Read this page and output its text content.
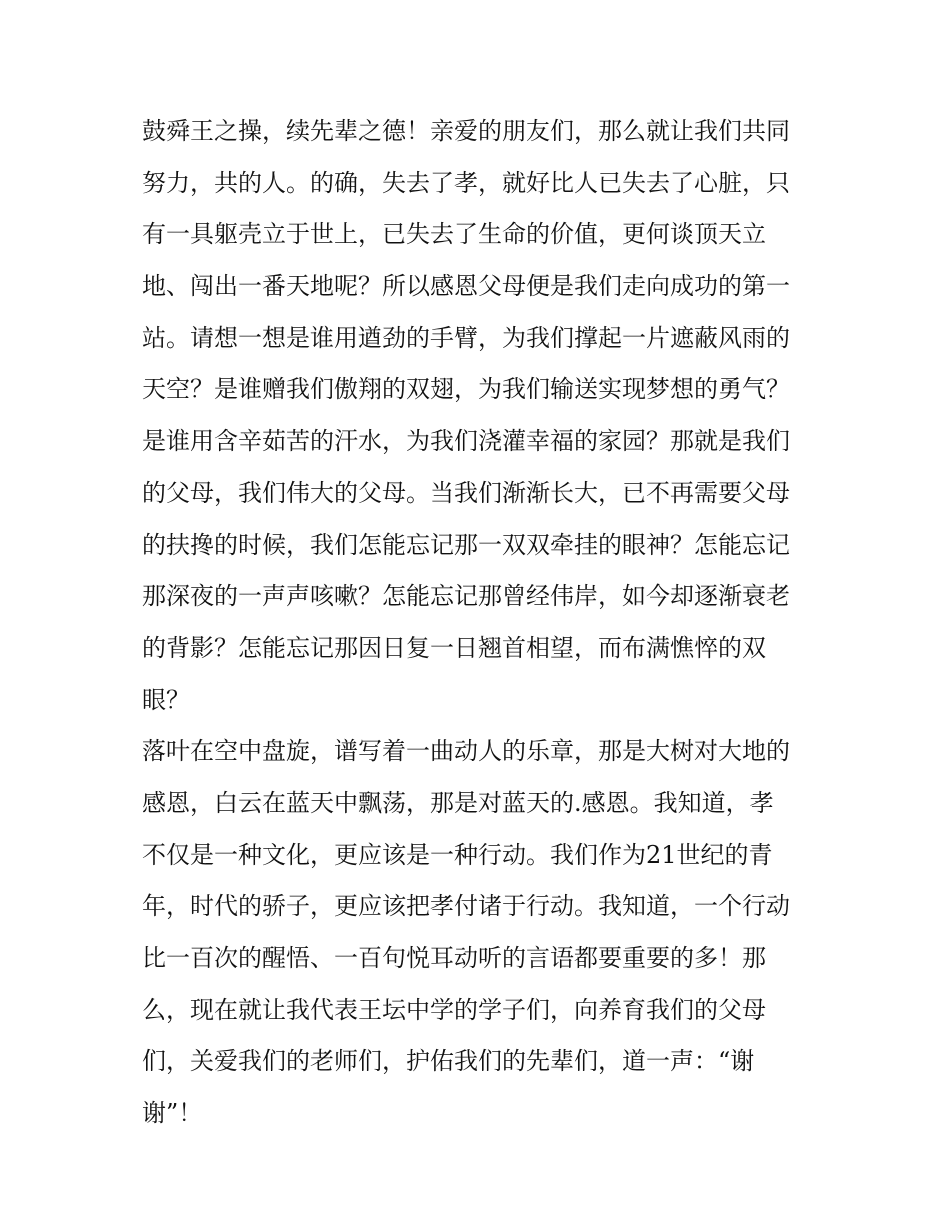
鼓舜王之操，续先辈之德！亲爱的朋友们，那么就让我们共同
努力，共的人。的确，失去了孝，就好比人已失去了心脏，只
有一具躯壳立于世上，已失去了生命的价值，更何谈顶天立
地、闯出一番天地呢？所以感恩父母便是我们走向成功的第一
站。请想一想是谁用遒劲的手臂，为我们撑起一片遮蔽风雨的
天空？是谁赠我们傲翔的双翅，为我们输送实现梦想的勇气？
是谁用含辛茹苦的汗水，为我们浇灌幸福的家园？那就是我们
的父母，我们伟大的父母。当我们渐渐长大，已不再需要父母
的扶搀的时候，我们怎能忘记那一双双牵挂的眼神？怎能忘记
那深夜的一声声咳嗽？怎能忘记那曾经伟岸，如今却逐渐衰老
的背影？怎能忘记那因日复一日翘首相望，而布满憔悴的双
眼？
落叶在空中盘旋，谱写着一曲动人的乐章，那是大树对大地的
感恩，白云在蓝天中飘荡，那是对蓝天的.感恩。我知道，孝
不仅是一种文化，更应该是一种行动。我们作为21世纪的青
年，时代的骄子，更应该把孝付诸于行动。我知道，一个行动
比一百次的醒悟、一百句悦耳动听的言语都要重要的多！那
么，现在就让我代表王坛中学的学子们，向养育我们的父母
们，关爱我们的老师们，护佑我们的先辈们，道一声：“谢
谢”！
